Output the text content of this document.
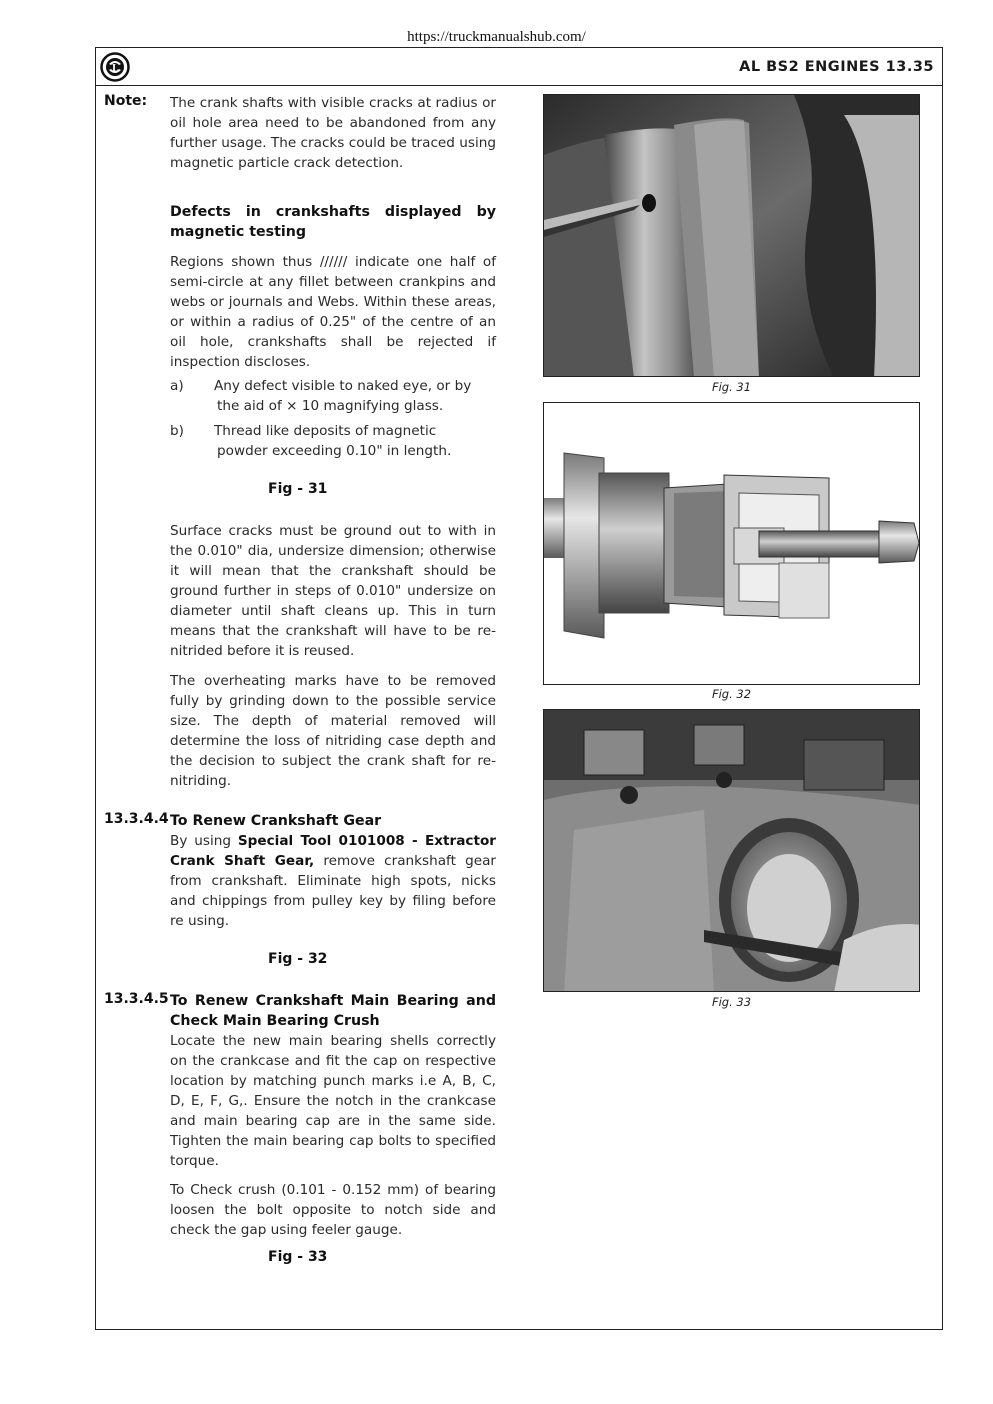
https://truckmanualshub.com/
L	AL BS2 ENGINES 13.35
Note: The crank shafts with visible cracks at radius or oil hole area need to be abandoned from any further usage. The cracks could be traced using magnetic particle crack detection.

Defects in crankshafts displayed by magnetic testing

Regions shown thus ////// indicate one half of semi-circle at any fillet between crankpins and webs or journals and Webs. Within these areas, or within a radius of 0.25" of the centre of an oil hole, crankshafts shall be rejected if inspection discloses.

a) Any defect visible to naked eye, or by
the aid of × 10 magnifying glass.
b) Thread like deposits of magnetic
powder exceeding 0.10" in length.
Fig - 31

Surface cracks must be ground out to with in the 0.010" dia, undersize dimension; otherwise it will mean that the crankshaft should be ground further in steps of 0.010" undersize on diameter until shaft cleans up. This in turn means that the crankshaft will have to be re-nitrided before it is reused.

The overheating marks have to be removed fully by grinding down to the possible service size. The depth of material removed will determine the loss of nitriding case depth and the decision to subject the crank shaft for re-nitriding.

13.3.4.4 To Renew Crankshaft Gear

By using Special Tool 0101008 - Extractor Crank Shaft Gear, remove crankshaft gear from crankshaft. Eliminate high spots, nicks and chippings from pulley key by filing before re using.

Fig - 32
13.3.4.5 To Renew Crankshaft Main Bearing and Check Main Bearing Crush

Locate the new main bearing shells correctly on the crankcase and fit the cap on respective location by matching punch marks i.e A, B, C, D, E, F, G,. Ensure the notch in the crankcase and main bearing cap are in the same side. Tighten the main bearing cap bolts to specified torque.

To Check crush (0.101 - 0.152 mm) of bearing loosen the bolt opposite to notch side and check the gap using feeler gauge.

Fig - 33
Fig. 31
Fig. 32
Fig. 33
